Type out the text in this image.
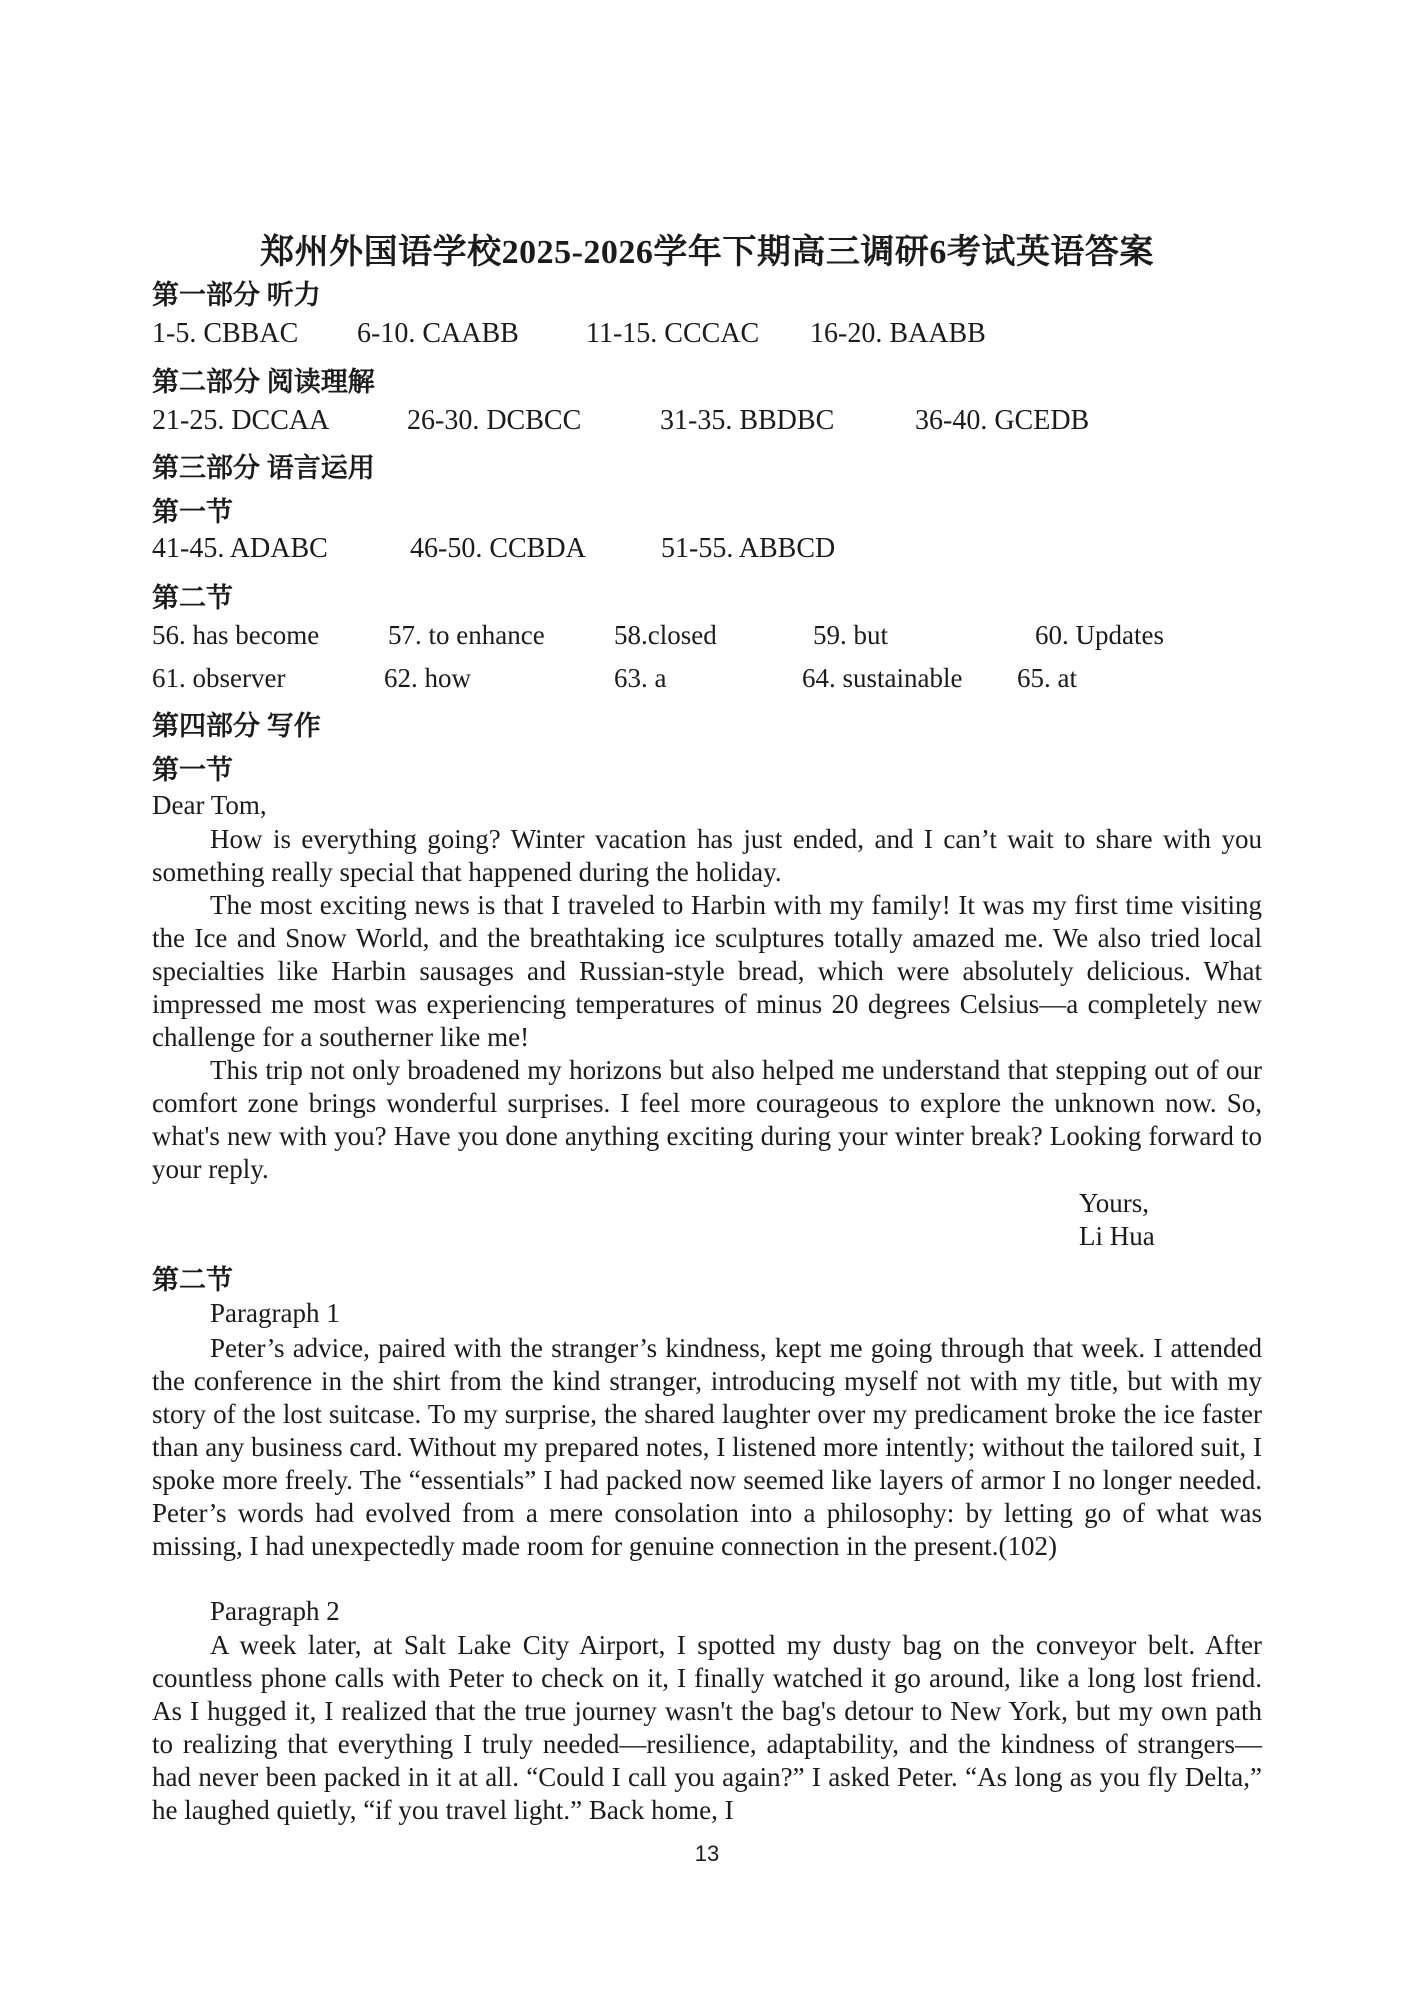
郑州外国语学校2025-2026学年下期高三调研6考试英语答案
第一部分 听力
1-5. CBBAC 6-10. CAABB 11-15. CCCAC 16-20. BAABB
第二部分 阅读理解
21-25. DCCAA	26-30. DCBCC	31-35. BBDBC	36-40. GCEDB
第三部分 语言运用
第一节
41-45. ADABC	46-50. CCBDA	51-55. ABBCD
第二节
56. has become	57. to enhance	58.closed	59. but	60. Updates
61. observer	62. how	63. a	64. sustainable 65. at
第四部分 写作
第一节
Dear Tom,

How is everything going? Winter vacation has just ended, and I can’t wait to share with you something really special that happened during the holiday.

The most exciting news is that I traveled to Harbin with my family! It was my first time visiting the Ice and Snow World, and the breathtaking ice sculptures totally amazed me. We also tried local specialties like Harbin sausages and Russian-style bread, which were absolutely delicious. What impressed me most was experiencing temperatures of minus 20 degrees Celsius—a completely new challenge for a southerner like me!

This trip not only broadened my horizons but also helped me understand that stepping out of our comfort zone brings wonderful surprises. I feel more courageous to explore the unknown now. So, what's new with you? Have you done anything exciting during your winter break? Looking forward to your reply.

Yours,
Li Hua
第二节
Paragraph 1

Peter’s advice, paired with the stranger’s kindness, kept me going through that week. I attended the conference in the shirt from the kind stranger, introducing myself not with my title, but with my story of the lost suitcase. To my surprise, the shared laughter over my predicament broke the ice faster than any business card. Without my prepared notes, I listened more intently; without the tailored suit, I spoke more freely. The “essentials” I had packed now seemed like layers of armor I no longer needed. Peter’s words had evolved from a mere consolation into a philosophy: by letting go of what was missing, I had unexpectedly made room for genuine connection in the present.(102)

Paragraph 2

A week later, at Salt Lake City Airport, I spotted my dusty bag on the conveyor belt. After countless phone calls with Peter to check on it, I finally watched it go around, like a long lost friend. As I hugged it, I realized that the true journey wasn't the bag's detour to New York, but my own path to realizing that everything I truly needed—resilience, adaptability, and the kindness of strangers—had never been packed in it at all. “Could I call you again?” I asked Peter. “As long as you fly Delta,” he laughed quietly, “if you travel light.” Back home, I

13
